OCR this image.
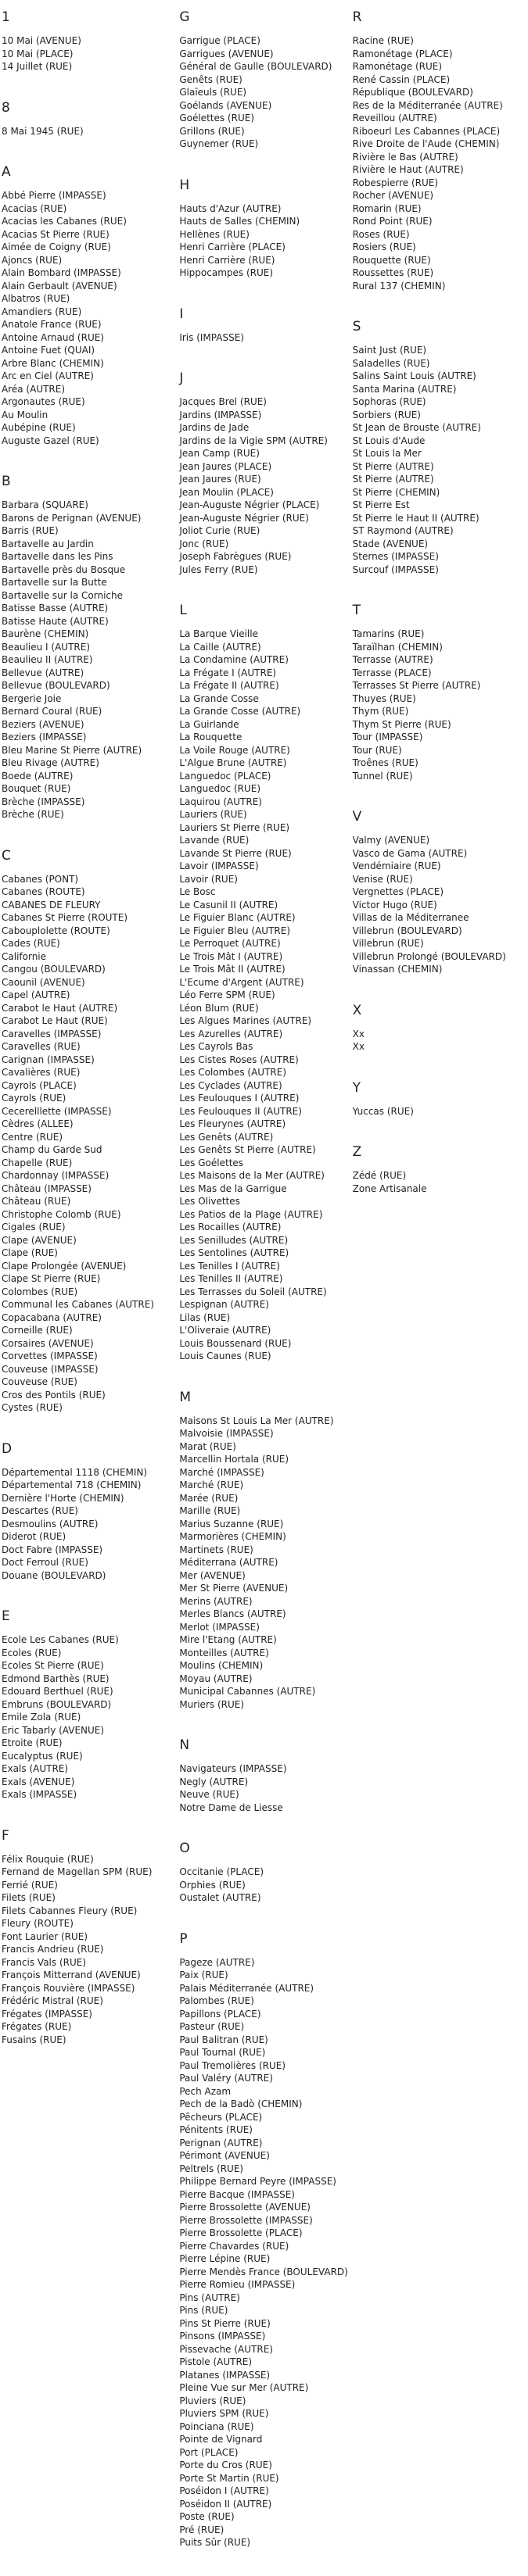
1
10 Mai (AVENUE)
10 Mai (PLACE)
14 Juillet (RUE)
8
8 Mai 1945 (RUE)
A
Abbé Pierre (IMPASSE)
Acacias (RUE)
Acacias les Cabanes (RUE)
Acacias St Pierre (RUE)
Aimée de Coigny (RUE)
Ajoncs (RUE)
Alain Bombard (IMPASSE)
Alain Gerbault (AVENUE)
Albatros (RUE)
Amandiers (RUE)
Anatole France (RUE)
Antoine Arnaud (RUE)
Antoine Fuet (QUAI)
Arbre Blanc (CHEMIN)
Arc en Ciel (AUTRE)
Aréa (AUTRE)
Argonautes (RUE)
Au Moulin
Aubépine (RUE)
Auguste Gazel (RUE)
B
Barbara (SQUARE)
Barons de Perignan (AVENUE)
Barris (RUE)
Bartavelle au Jardin
Bartavelle dans les Pins
Bartavelle près du Bosque
Bartavelle sur la Butte
Bartavelle sur la Corniche
Batisse Basse (AUTRE)
Batisse Haute (AUTRE)
Baurène (CHEMIN)
Beaulieu I (AUTRE)
Beaulieu II (AUTRE)
Bellevue (AUTRE)
Bellevue (BOULEVARD)
Bergerie Joie
Bernard Coural (RUE)
Beziers (AVENUE)
Beziers (IMPASSE)
Bleu Marine St Pierre (AUTRE)
Bleu Rivage (AUTRE)
Boede (AUTRE)
Bouquet (RUE)
Brèche (IMPASSE)
Brèche (RUE)
C
Cabanes (PONT)
Cabanes (ROUTE)
CABANES DE FLEURY
Cabanes St Pierre (ROUTE)
Cabouplolette (ROUTE)
Cades (RUE)
Californie
Cangou (BOULEVARD)
Caounil (AVENUE)
Capel (AUTRE)
Carabot le Haut (AUTRE)
Carabot Le Haut (RUE)
Caravelles (IMPASSE)
Caravelles (RUE)
Carignan (IMPASSE)
Cavalières (RUE)
Cayrols (PLACE)
Cayrols (RUE)
Cecerelllette (IMPASSE)
Cèdres (ALLEE)
Centre (RUE)
Champ du Garde Sud
Chapelle (RUE)
Chardonnay (IMPASSE)
Château (IMPASSE)
Château (RUE)
Christophe Colomb (RUE)
Cigales (RUE)
Clape (AVENUE)
Clape (RUE)
Clape Prolongée (AVENUE)
Clape St Pierre (RUE)
Colombes (RUE)
Communal les Cabanes (AUTRE)
Copacabana (AUTRE)
Corneille (RUE)
Corsaires (AVENUE)
Corvettes (IMPASSE)
Couveuse (IMPASSE)
Couveuse (RUE)
Cros des Pontils (RUE)
Cystes (RUE)
D
Départemental 1118 (CHEMIN)
Départemental 718 (CHEMIN)
Dernière l'Horte (CHEMIN)
Descartes (RUE)
Desmoulins (AUTRE)
Diderot (RUE)
Doct Fabre (IMPASSE)
Doct Ferroul (RUE)
Douane (BOULEVARD)
E
Ecole Les Cabanes (RUE)
Ecoles (RUE)
Ecoles St Pierre (RUE)
Edmond Barthès (RUE)
Edouard Berthuel (RUE)
Embruns (BOULEVARD)
Emile Zola (RUE)
Eric Tabarly (AVENUE)
Etroite (RUE)
Eucalyptus (RUE)
Exals (AUTRE)
Exals (AVENUE)
Exals (IMPASSE)
F
Félix Rouquie (RUE)
Fernand de Magellan SPM (RUE)
Ferrié (RUE)
Filets (RUE)
Filets Cabannes Fleury (RUE)
Fleury (ROUTE)
Font Laurier (RUE)
Francis Andrieu (RUE)
Francis Vals (RUE)
François Mitterrand (AVENUE)
François Rouvière (IMPASSE)
Frédéric Mistral (RUE)
Frégates (IMPASSE)
Frégates (RUE)
Fusains (RUE)
G
Garrigue (PLACE)
Garrigues (AVENUE)
Général de Gaulle (BOULEVARD)
Genêts (RUE)
Glaïeuls (RUE)
Goélands (AVENUE)
Goélettes (RUE)
Grillons (RUE)
Guynemer (RUE)
H
Hauts d'Azur (AUTRE)
Hauts de Salles (CHEMIN)
Hellènes (RUE)
Henri Carrière (PLACE)
Henri Carrière (RUE)
Hippocampes (RUE)
I
Iris (IMPASSE)
J
Jacques Brel (RUE)
Jardins (IMPASSE)
Jardins de Jade
Jardins de la Vigie SPM (AUTRE)
Jean Camp (RUE)
Jean Jaures (PLACE)
Jean Jaures (RUE)
Jean Moulin (PLACE)
Jean-Auguste Négrier (PLACE)
Jean-Auguste Négrier (RUE)
Joliot Curie (RUE)
Jonc (RUE)
Joseph Fabrègues (RUE)
Jules Ferry (RUE)
L
La Barque Vieille
La Caille (AUTRE)
La Condamine (AUTRE)
La Frégate I (AUTRE)
La Frégate II (AUTRE)
La Grande Cosse
La Grande Cosse (AUTRE)
La Guirlande
La Rouquette
La Voile Rouge (AUTRE)
L'Algue Brune (AUTRE)
Languedoc (PLACE)
Languedoc (RUE)
Laquirou (AUTRE)
Lauriers (RUE)
Lauriers St Pierre (RUE)
Lavande (RUE)
Lavande St Pierre (RUE)
Lavoir (IMPASSE)
Lavoir (RUE)
Le Bosc
Le Casunil II (AUTRE)
Le Figuier Blanc (AUTRE)
Le Figuier Bleu (AUTRE)
Le Perroquet (AUTRE)
Le Trois Mât I (AUTRE)
Le Trois Mât II (AUTRE)
L'Ecume d'Argent (AUTRE)
Léo Ferre SPM (RUE)
Léon Blum (RUE)
Les Algues Marines (AUTRE)
Les Azurelles (AUTRE)
Les Cayrols Bas
Les Cistes Roses (AUTRE)
Les Colombes (AUTRE)
Les Cyclades (AUTRE)
Les Feulouques I (AUTRE)
Les Feulouques II (AUTRE)
Les Fleurynes (AUTRE)
Les Genêts (AUTRE)
Les Genêts St Pierre (AUTRE)
Les Goélettes
Les Maisons de la Mer (AUTRE)
Les Mas de la Garrigue
Les Olivettes
Les Patios de la Plage (AUTRE)
Les Rocailles (AUTRE)
Les Senilludes (AUTRE)
Les Sentolines (AUTRE)
Les Tenilles I (AUTRE)
Les Tenilles II (AUTRE)
Les Terrasses du Soleil (AUTRE)
Lespignan (AUTRE)
Lilas (RUE)
L'Oliveraie (AUTRE)
Louis Boussenard (RUE)
Louis Caunes (RUE)
M
Maisons St Louis La Mer (AUTRE)
Malvoisie (IMPASSE)
Marat (RUE)
Marcellin Hortala (RUE)
Marché (IMPASSE)
Marché (RUE)
Marée (RUE)
Marille (RUE)
Marius Suzanne (RUE)
Marmorières (CHEMIN)
Martinets (RUE)
Méditerrana (AUTRE)
Mer (AVENUE)
Mer St Pierre (AVENUE)
Merins (AUTRE)
Merles Blancs (AUTRE)
Merlot (IMPASSE)
Mire l'Etang (AUTRE)
Monteilles (AUTRE)
Moulins (CHEMIN)
Moyau (AUTRE)
Municipal Cabannes (AUTRE)
Muriers (RUE)
N
Navigateurs (IMPASSE)
Negly (AUTRE)
Neuve (RUE)
Notre Dame de Liesse
O
Occitanie (PLACE)
Orphies (RUE)
Oustalet (AUTRE)
P
Pageze (AUTRE)
Paix (RUE)
Palais Méditerranée (AUTRE)
Palombes (RUE)
Papillons (PLACE)
Pasteur (RUE)
Paul Balitran (RUE)
Paul Tournal (RUE)
Paul Tremolières (RUE)
Paul Valéry (AUTRE)
Pech Azam
Pech de la Badò (CHEMIN)
Pêcheurs (PLACE)
Pénitents (RUE)
Perignan (AUTRE)
Périmont (AVENUE)
Peltrels (RUE)
Philippe Bernard Peyre (IMPASSE)
Pierre Bacque (IMPASSE)
Pierre Brossolette (AVENUE)
Pierre Brossolette (IMPASSE)
Pierre Brossolette (PLACE)
Pierre Chavardes (RUE)
Pierre Lépine (RUE)
Pierre Mendès France (BOULEVARD)
Pierre Romieu (IMPASSE)
Pins (AUTRE)
Pins (RUE)
Pins St Pierre (RUE)
Pinsons (IMPASSE)
Pissevache (AUTRE)
Pistole (AUTRE)
Platanes (IMPASSE)
Pleine Vue sur Mer (AUTRE)
Pluviers (RUE)
Pluviers SPM (RUE)
Poinciana (RUE)
Pointe de Vignard
Port (PLACE)
Porte du Cros (RUE)
Porte St Martin (RUE)
Poséidon I (AUTRE)
Poséidon II (AUTRE)
Poste (RUE)
Pré (RUE)
Puits Sûr (RUE)
R
Racine (RUE)
Ramonétage (PLACE)
Ramonétage (RUE)
René Cassin (PLACE)
République (BOULEVARD)
Res de la Méditerranée (AUTRE)
Reveillou (AUTRE)
Riboeurl Les Cabannes (PLACE)
Rive Droite de l'Aude (CHEMIN)
Rivière le Bas (AUTRE)
Rivière le Haut (AUTRE)
Robespierre (RUE)
Rocher (AVENUE)
Romarin (RUE)
Rond Point (RUE)
Roses (RUE)
Rosiers (RUE)
Rouquette (RUE)
Roussettes (RUE)
Rural 137 (CHEMIN)
S
Saint Just (RUE)
Saladelles (RUE)
Salins Saint Louis (AUTRE)
Santa Marina (AUTRE)
Sophoras (RUE)
Sorbiers (RUE)
St Jean de Brouste (AUTRE)
St Louis d'Aude
St Louis la Mer
St Pierre (AUTRE)
St Pierre (AUTRE)
St Pierre (CHEMIN)
St Pierre Est
St Pierre le Haut II (AUTRE)
ST Raymond (AUTRE)
Stade (AVENUE)
Sternes (IMPASSE)
Surcouf (IMPASSE)
T
Tamarins (RUE)
Taraïlhan (CHEMIN)
Terrasse (AUTRE)
Terrasse (PLACE)
Terrasses St Pierre (AUTRE)
Thuyes (RUE)
Thym (RUE)
Thym St Pierre (RUE)
Tour (IMPASSE)
Tour (RUE)
Troênes (RUE)
Tunnel (RUE)
V
Valmy (AVENUE)
Vasco de Gama (AUTRE)
Vendémiaire (RUE)
Venise (RUE)
Vergnettes (PLACE)
Victor Hugo (RUE)
Villas de la Méditerranee
Villebrun (BOULEVARD)
Villebrun (RUE)
Villebrun Prolongé (BOULEVARD)
Vinassan (CHEMIN)
X
Xx
Xx
Y
Yuccas (RUE)
Z
Zédé (RUE)
Zone Artisanale
